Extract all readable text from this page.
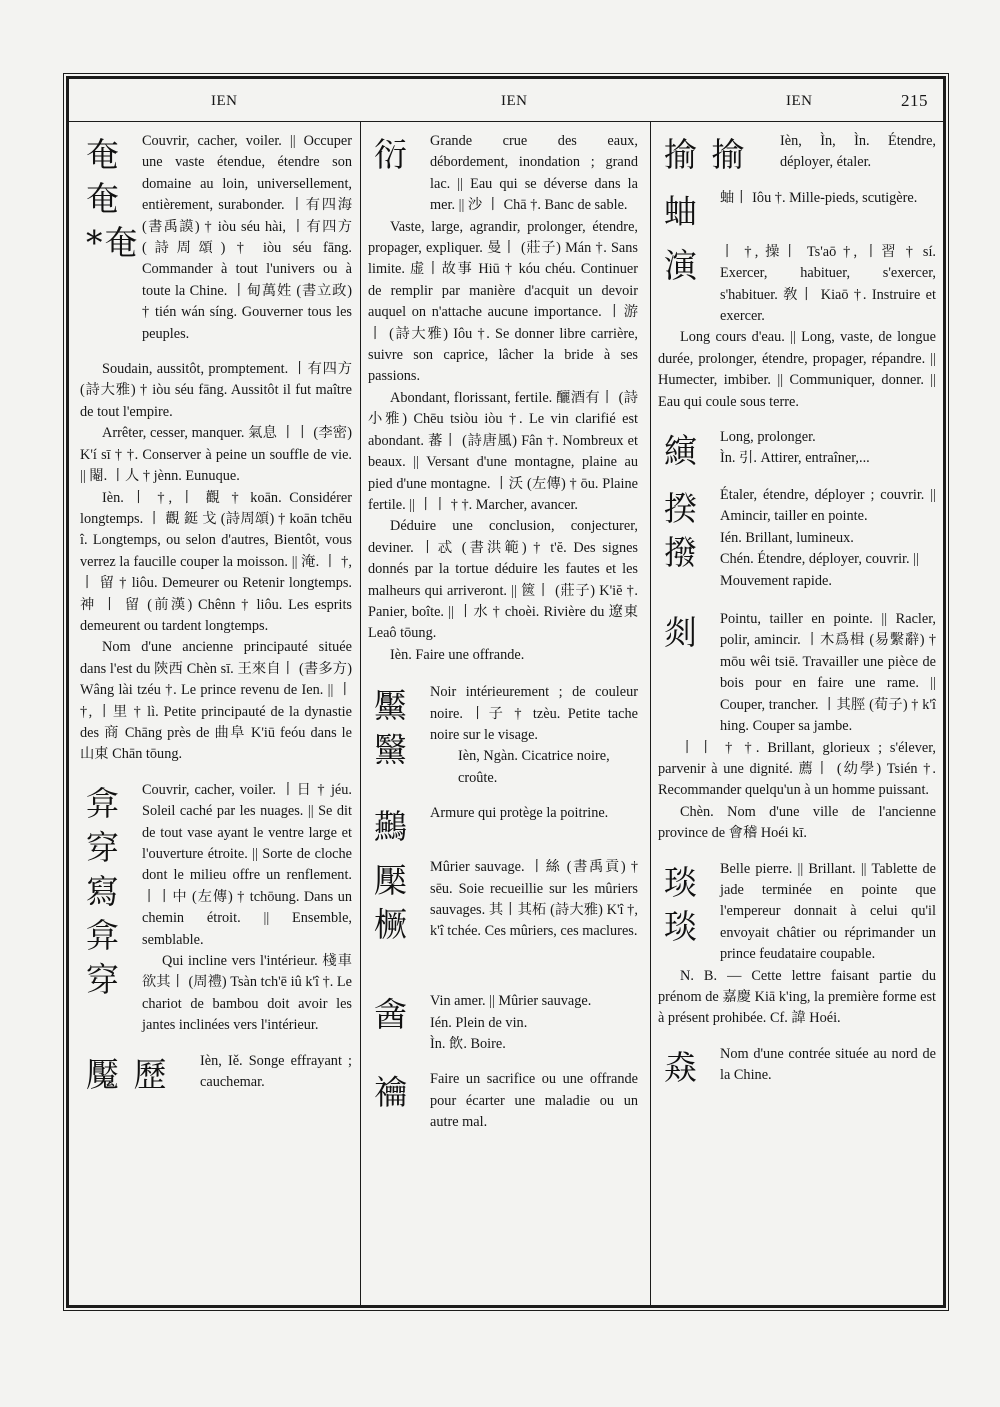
IEN	IEN	IEN	215
奄
奄
*奄
Couvrir, cacher, voiler. || Occuper une vaste étendue, étendre son domaine au loin, universellement, entièrement, surabonder. 丨有四海 (書禹謨) † iòu séu hài, 丨有四方 (詩周頌) † iòu séu fāng. Commander à tout l'univers ou à toute la Chine. 丨甸萬姓 (書立政) † tién wán síng. Gouverner tous les peuples.
Soudain, aussitôt, promptement. 丨有四方 (詩大雅) † iòu séu fāng. Aussitôt il fut maître de tout l'empire.
Arrêter, cesser, manquer. 氣息 丨丨 (李密) K'í sī † †. Conserver à peine un souffle de vie. || 閹. 丨人 † jènn. Eunuque.
Ièn. 丨 †, 丨 觀 † koān. Considérer longtemps. 丨 觀 鋌 戈 (詩周頌) † koān tchēu î. Longtemps, ou selon d'autres, Bientôt, vous verrez la faucille couper la moisson. || 淹. 丨 †, 丨 留 † liôu. Demeurer ou Retenir longtemps. 神 丨 留 (前漢) Chênn † liôu. Les esprits demeurent ou tardent longtemps.
Nom d'une ancienne principauté située dans l'est du 陝西 Chèn sī. 王來自丨 (書多方) Wâng lài tzéu †. Le prince revenu de Ien. || 丨 †, 丨里 † lì. Petite principauté de la dynastie des 商 Chāng près de 曲阜 K'iū feóu dans le 山東 Chān tōung.
弇
穿
寫
弇
穿
Couvrir, cacher, voiler. 丨日 † jéu. Soleil caché par les nuages. || Se dit de tout vase ayant le ventre large et l'ouverture étroite. || Sorte de cloche dont le milieu offre un renflement. 丨丨中 (左傳) † tchōung. Dans un chemin étroit. || Ensemble, semblable.
Qui incline vers l'intérieur. 棧車欲其丨 (周禮) Tsàn tch'ē iû k'î †. Le chariot de bambou doit avoir les jantes inclinées vers l'intérieur.
魘 歷	Ièn, Iě. Songe effrayant ; cauchemar.
衍	Grande crue des eaux, débordement, inondation ; grand lac. || Eau qui se déverse dans la mer. || 沙 丨 Chā †. Banc de sable.
Vaste, large, agrandir, prolonger, étendre, propager, expliquer. 曼丨 (莊子) Mán †. Sans limite. 虚丨故事 Hiū † kóu chéu. Continuer de remplir par manière d'acquit un devoir auquel on n'attache aucune importance. 丨游丨 (詩大雅) Iôu †. Se donner libre carrière, suivre son caprice, lâcher la bride à ses passions.
Abondant, florissant, fertile. 釃酒有丨 (詩小雅) Chēu tsiòu iòu †. Le vin clarifié est abondant. 蕃丨 (詩唐風) Fân †. Nombreux et beaux. || Versant d'une montagne, plaine au pied d'une montagne. 丨沃 (左傳) † ōu. Plaine fertile. || 丨丨 † †. Marcher, avancer.
Déduire une conclusion, conjecturer, deviner. 丨忒 (書洪範) † t'ĕ. Des signes donnés par la tortue déduire les fautes et les malheurs qui arriveront. || 篋丨 (莊子) K'iĕ †. Panier, boîte. || 丨水 † choèi. Rivière du 遼東 Leaô tōung.
Ièn. Faire une offrande.
黶
黳
Noir intérieurement ; de couleur noire. 丨子 † tzèu. Petite tache noire sur le visage.
Ièn, Ngàn. Cicatrice noire, croûte.
䴏	Armure qui protège la poitrine.
檿
橛
Mûrier sauvage. 丨絲 (書禹貢) † sēu. Soie recueillie sur les mûriers sauvages. 其丨其柘 (詩大雅) K'î †, k'î tchée. Ces mûriers, ces maclures.
酓	Vin amer. || Mûrier sauvage.
Ién. Plein de vin.
Ìn. 飲. Boire.
禴	Faire un sacrifice ou une offrande pour écarter une maladie ou un autre mal.
揄 揄	Ièn, Ìn, Ìn. Étendre, déployer, étaler.
蚰	蚰丨 Iôu †. Mille-pieds, scutigère.
演	丨 †, 操丨 Ts'aō †, 丨習 † sí. Exercer, habituer, s'exercer, s'habituer. 敎丨 Kiaō †. Instruire et exercer.
Long cours d'eau. || Long, vaste, de longue durée, prolonger, étendre, propager, répandre. || Humecter, imbiber. || Communiquer, donner. || Eau qui coule sous terre.
縯	Long, prolonger.
Ìn. 引. Attirer, entraîner,...
揆
撥
Étaler, étendre, déployer ; couvrir. || Amincir, tailler en pointe.
Ién. Brillant, lumineux.
Chén. Étendre, déployer, couvrir. || Mouvement rapide.
剡	Pointu, tailler en pointe. || Racler, polir, amincir. 丨木爲楫 (易繫辭) † mōu wêi tsiē. Travailler une pièce de bois pour en faire une rame. || Couper, trancher. 丨其脛 (荀子) † k'î hing. Couper sa jambe.
丨丨 † †. Brillant, glorieux ; s'élever, parvenir à une dignité. 薦丨 (幼學) Tsién †. Recommander quelqu'un à un homme puissant.
Chèn. Nom d'une ville de l'ancienne province de 會稽 Hoéi kī.
琰
琰
Belle pierre. || Brillant. || Tablette de jade terminée en pointe que l'empereur donnait à celui qu'il envoyait châtier ou réprimander un prince feudataire coupable.
N. B. — Cette lettre faisant partie du prénom de 嘉慶 Kiā k'ing, la première forme est à présent prohibée. Cf. 諱 Hoéi.
猋	Nom d'une contrée située au nord de la Chine.
